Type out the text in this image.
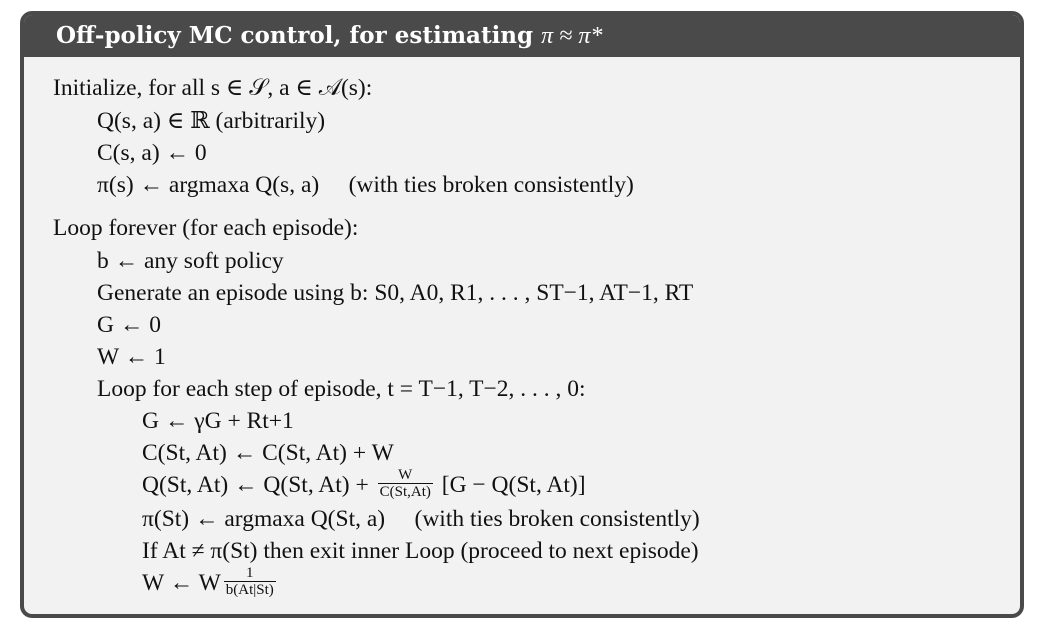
Off-policy MC control, for estimating π ≈ π*
Initialize, for all s ∈ 𝒮, a ∈ 𝒜(s):
Q(s, a) ∈ ℝ (arbitrarily)
C(s, a) ← 0
π(s) ← argmaxa Q(s, a)     (with ties broken consistently)
Loop forever (for each episode):
b ← any soft policy
Generate an episode using b: S0, A0, R1, . . . , ST−1, AT−1, RT
G ← 0
W ← 1
Loop for each step of episode, t = T−1, T−2, . . . , 0:
G ← γG + Rt+1
C(St, At) ← C(St, At) + W
Q(St, At) ← Q(St, $At) + \frac{W}{C(St,At)} [G - Q(St$, At)]
π(St) ← argmaxa Q(St, a)     (with ties broken consistently)
If At ≠ π(St) then exit inner Loop (proceed to next episode)
W ← W $\frac{1}{b(At|St)}$
